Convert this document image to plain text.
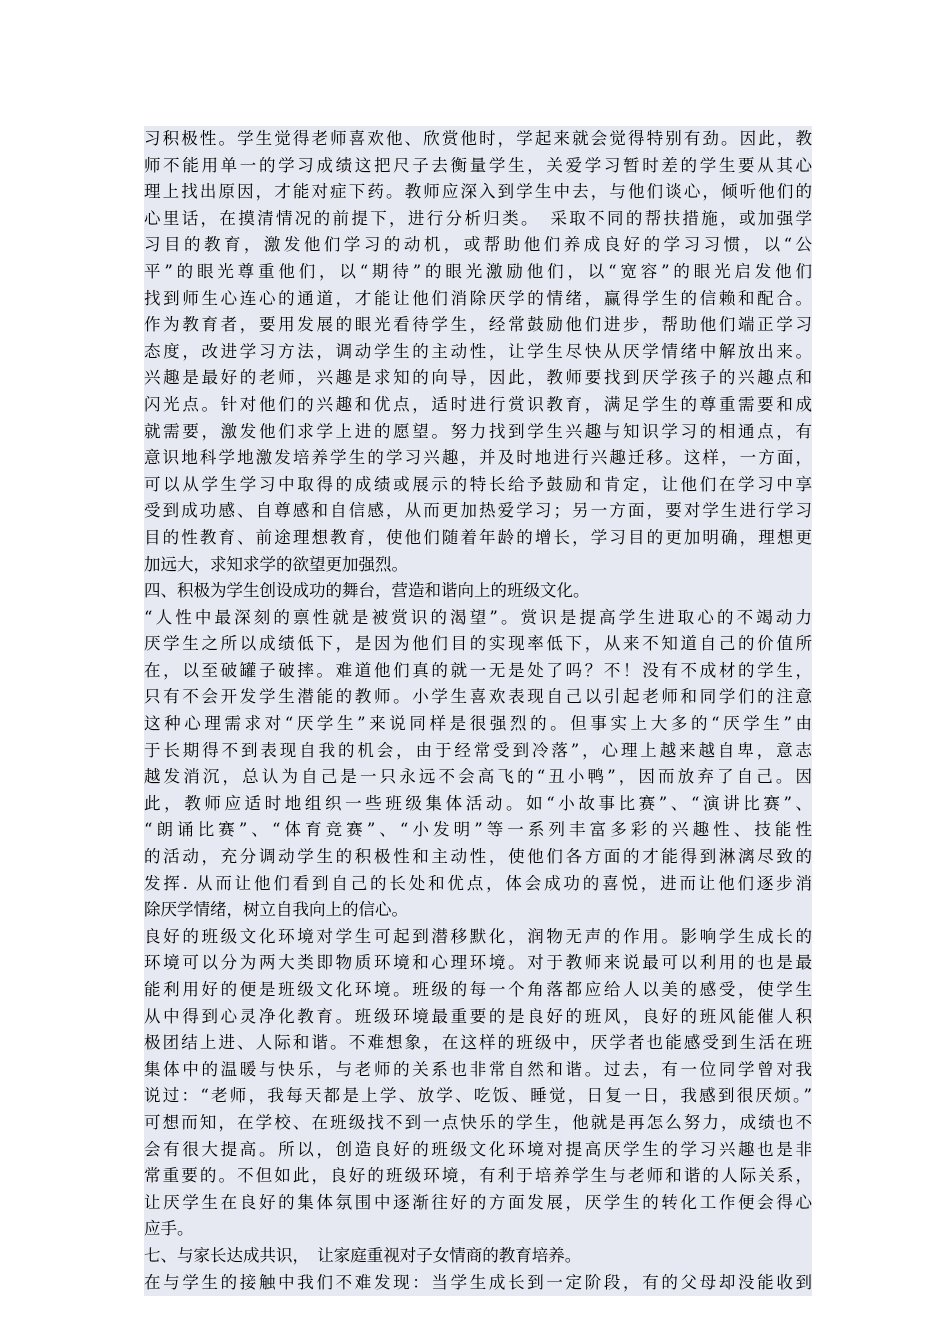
习积极性。学生觉得老师喜欢他、欣赏他时，学起来就会觉得特别有劲。因此，教
师不能用单一的学习成绩这把尺子去衡量学生，关爱学习暂时差的学生要从其心
理上找出原因，才能对症下药。教师应深入到学生中去，与他们谈心，倾听他们的
心里话，在摸清情况的前提下，进行分析归类。　采取不同的帮扶措施，或加强学
习目的教育，激发他们学习的动机，或帮助他们养成良好的学习习惯，以“公
平”的眼光尊重他们，以“期待”的眼光激励他们，以“宽容”的眼光启发他们
找到师生心连心的通道，才能让他们消除厌学的情绪，赢得学生的信赖和配合。
作为教育者，要用发展的眼光看待学生，经常鼓励他们进步，帮助他们端正学习
态度，改进学习方法，调动学生的主动性，让学生尽快从厌学情绪中解放出来。
兴趣是最好的老师，兴趣是求知的向导，因此，教师要找到厌学孩子的兴趣点和
闪光点。针对他们的兴趣和优点，适时进行赏识教育，满足学生的尊重需要和成
就需要，激发他们求学上进的愿望。努力找到学生兴趣与知识学习的相通点，有
意识地科学地激发培养学生的学习兴趣，并及时地进行兴趣迁移。这样，一方面，
可以从学生学习中取得的成绩或展示的特长给予鼓励和肯定，让他们在学习中享
受到成功感、自尊感和自信感，从而更加热爱学习；另一方面，要对学生进行学习
目的性教育、前途理想教育，使他们随着年龄的增长，学习目的更加明确，理想更
加远大，求知求学的欲望更加强烈。
四、积极为学生创设成功的舞台，营造和谐向上的班级文化。
“人性中最深刻的禀性就是被赏识的渴望”。赏识是提高学生进取心的不竭动力
厌学生之所以成绩低下，是因为他们目的实现率低下，从来不知道自己的价值所
在，以至破罐子破摔。难道他们真的就一无是处了吗？不！没有不成材的学生，
只有不会开发学生潜能的教师。小学生喜欢表现自己以引起老师和同学们的注意
这种心理需求对“厌学生”来说同样是很强烈的。但事实上大多的“厌学生”由
于长期得不到表现自我的机会，由于经常受到冷落”，心理上越来越自卑，意志
越发消沉，总认为自己是一只永远不会高飞的“丑小鸭”，因而放弃了自己。因
此，教师应适时地组织一些班级集体活动。如“小故事比赛”、“演讲比赛”、
“朗诵比赛”、“体育竞赛”、“小发明”等一系列丰富多彩的兴趣性、技能性
的活动，充分调动学生的积极性和主动性，使他们各方面的才能得到淋漓尽致的
发挥. 从而让他们看到自己的长处和优点，体会成功的喜悦，进而让他们逐步消
除厌学情绪，树立自我向上的信心。
良好的班级文化环境对学生可起到潜移默化，润物无声的作用。影响学生成长的
环境可以分为两大类即物质环境和心理环境。对于教师来说最可以利用的也是最
能利用好的便是班级文化环境。班级的每一个角落都应给人以美的感受，使学生
从中得到心灵净化教育。班级环境最重要的是良好的班风，良好的班风能催人积
极团结上进、人际和谐。不难想象，在这样的班级中，厌学者也能感受到生活在班
集体中的温暖与快乐，与老师的关系也非常自然和谐。过去，有一位同学曾对我
说过：“老师，我每天都是上学、放学、吃饭、睡觉，日复一日，我感到很厌烦。”
可想而知，在学校、在班级找不到一点快乐的学生，他就是再怎么努力，成绩也不
会有很大提高。所以，创造良好的班级文化环境对提高厌学生的学习兴趣也是非
常重要的。不但如此，良好的班级环境，有利于培养学生与老师和谐的人际关系，
让厌学生在良好的集体氛围中逐渐往好的方面发展，厌学生的转化工作便会得心
应手。
七、与家长达成共识，　让家庭重视对子女情商的教育培养。
在与学生的接触中我们不难发现：当学生成长到一定阶段，有的父母却没能收到
